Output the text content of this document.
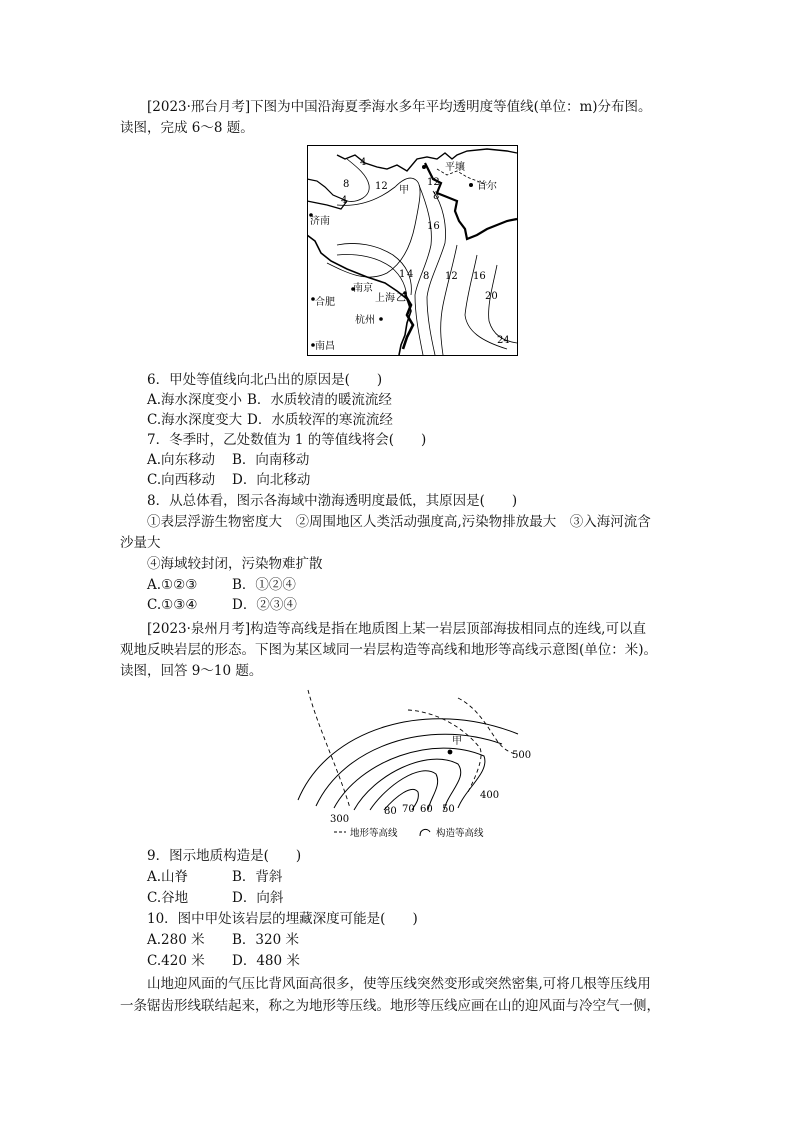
[2023·邢台月考]下图为中国沿海夏季海水多年平均透明度等值线(单位：m)分布图。
读图，完成 6～8 题。
平壤
首尔
济南
南京
上海
合肥
杭州
南昌
甲
乙
4
8
4
12	12
8
16
1 4 8 12 16
20
24
6．甲处等值线向北凸出的原因是(　　)
A.海水深度变小 B．水质较清的暖流流经
C.海水深度变大 D．水质较浑的寒流流经
7．冬季时，乙处数值为 1 的等值线将会(　　)
A.向东移动 B．向南移动
C.向西移动 D．向北移动
8．从总体看，图示各海域中渤海透明度最低，其原因是(　　)
①表层浮游生物密度大　②周围地区人类活动强度高,污染物排放最大　③入海河流含
沙量大
④海域较封闭，污染物难扩散
A.①②③	B．①②④
C.①③④	D．②③④
[2023·泉州月考]构造等高线是指在地质图上某一岩层顶部海拔相同点的连线,可以直
观地反映岩层的形态。下图为某区域同一岩层构造等高线和地形等高线示意图(单位：米)。
读图，回答 9～10 题。
甲
500
400
300
80 70 60 50
地形等高线	构造等高线
9．图示地质构造是(　　)
A.山脊	B．背斜
C.谷地	D．向斜
10．图中甲处该岩层的埋藏深度可能是(　　)
A.280 米 B．320 米
C.420 米 D．480 米
山地迎风面的气压比背风面高很多，使等压线突然变形或突然密集,可将几根等压线用
一条锯齿形线联结起来，称之为地形等压线。地形等压线应画在山的迎风面与冷空气一侧，
